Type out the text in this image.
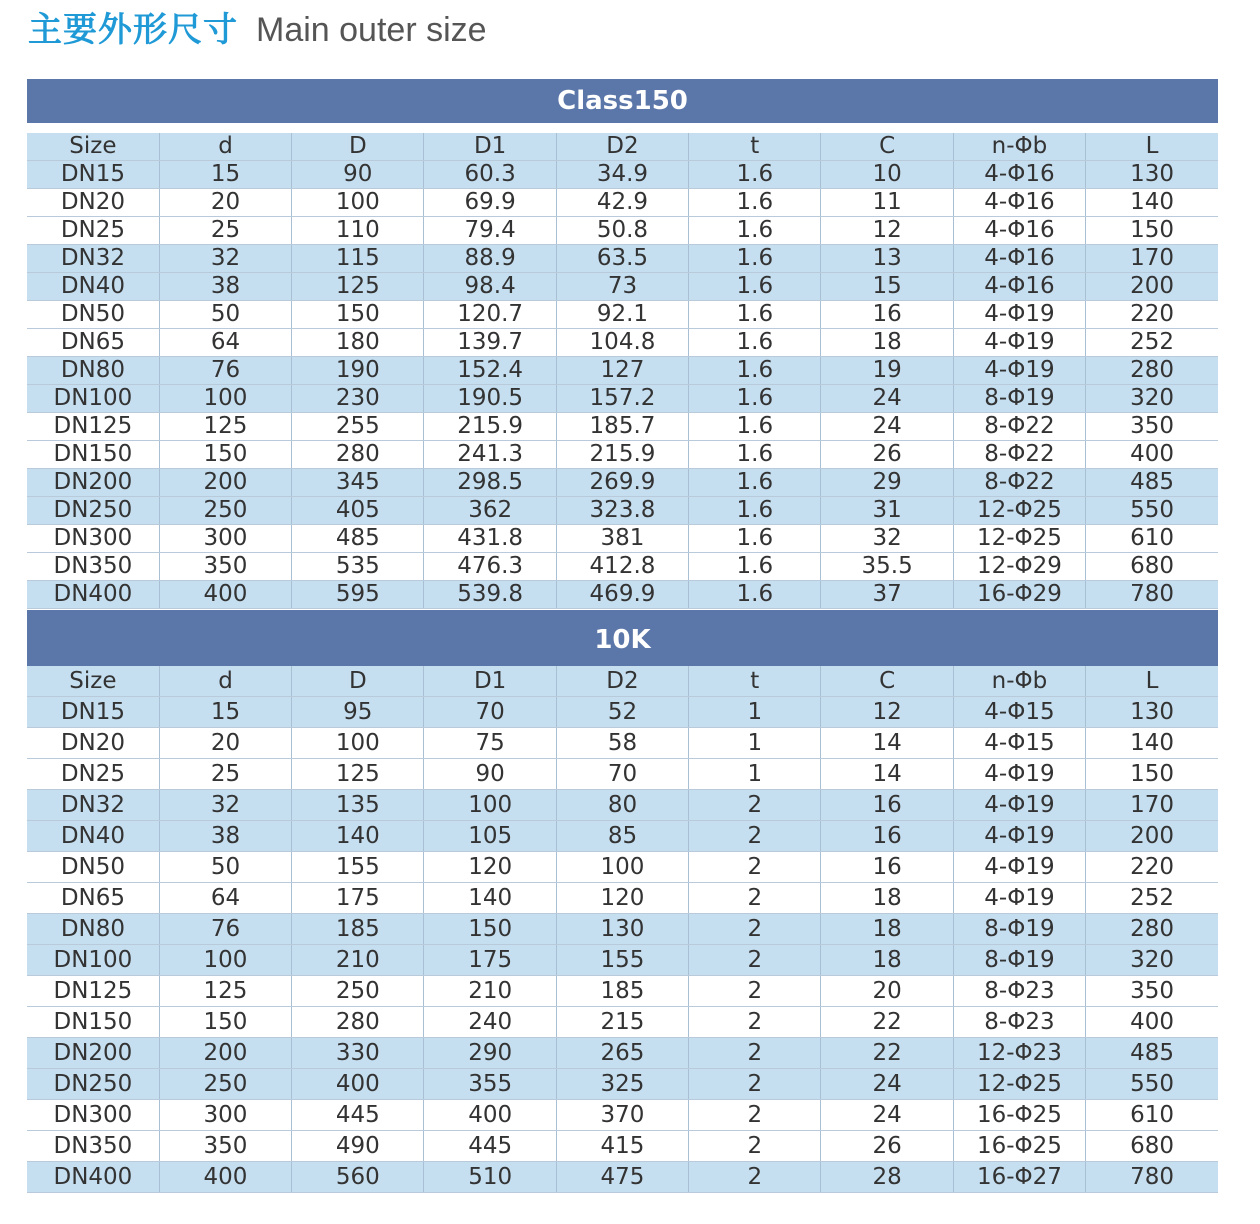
主要外形尺寸 Main outer size
Class150
Size	d	D	D1	D2	t	C	n-Φb	L
DN15	15	90	60.3	34.9	1.6	10	4-Φ16	130
DN20	20	100	69.9	42.9	1.6	11	4-Φ16	140
DN25	25	110	79.4	50.8	1.6	12	4-Φ16	150
DN32	32	115	88.9	63.5	1.6	13	4-Φ16	170
DN40	38	125	98.4	73	1.6	15	4-Φ16	200
DN50	50	150	120.7	92.1	1.6	16	4-Φ19	220
DN65	64	180	139.7	104.8	1.6	18	4-Φ19	252
DN80	76	190	152.4	127	1.6	19	4-Φ19	280
DN100	100	230	190.5	157.2	1.6	24	8-Φ19	320
DN125	125	255	215.9	185.7	1.6	24	8-Φ22	350
DN150	150	280	241.3	215.9	1.6	26	8-Φ22	400
DN200	200	345	298.5	269.9	1.6	29	8-Φ22	485
DN250	250	405	362	323.8	1.6	31	12-Φ25	550
DN300	300	485	431.8	381	1.6	32	12-Φ25	610
DN350	350	535	476.3	412.8	1.6	35.5	12-Φ29	680
DN400	400	595	539.8	469.9	1.6	37	16-Φ29	780
10K
Size	d	D	D1	D2	t	C	n-Φb	L
DN15	15	95	70	52	1	12	4-Φ15	130
DN20	20	100	75	58	1	14	4-Φ15	140
DN25	25	125	90	70	1	14	4-Φ19	150
DN32	32	135	100	80	2	16	4-Φ19	170
DN40	38	140	105	85	2	16	4-Φ19	200
DN50	50	155	120	100	2	16	4-Φ19	220
DN65	64	175	140	120	2	18	4-Φ19	252
DN80	76	185	150	130	2	18	8-Φ19	280
DN100	100	210	175	155	2	18	8-Φ19	320
DN125	125	250	210	185	2	20	8-Φ23	350
DN150	150	280	240	215	2	22	8-Φ23	400
DN200	200	330	290	265	2	22	12-Φ23	485
DN250	250	400	355	325	2	24	12-Φ25	550
DN300	300	445	400	370	2	24	16-Φ25	610
DN350	350	490	445	415	2	26	16-Φ25	680
DN400	400	560	510	475	2	28	16-Φ27	780
